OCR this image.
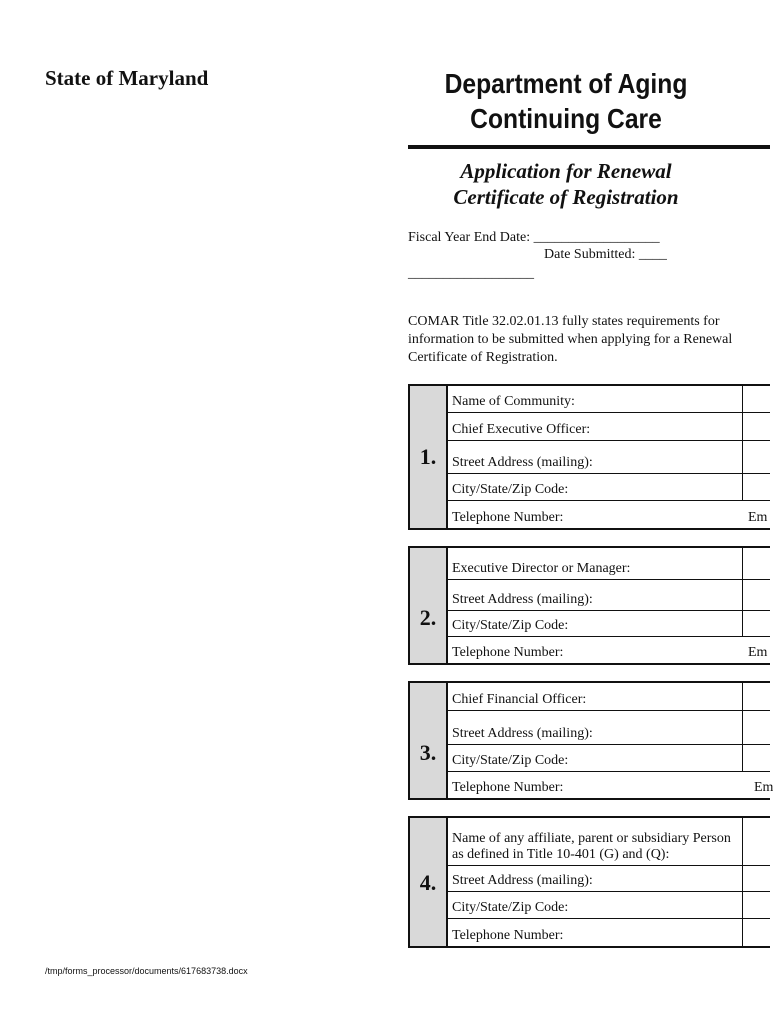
State of Maryland	Department of Aging
Continuing Care
Application for Renewal
Certificate of Registration
Fiscal Year End Date: __________________
Date Submitted: ____
__________________
COMAR Title 32.02.01.13 fully states requirements for information to be submitted when applying for a Renewal Certificate of Registration.
1.
Name of Community:
Chief Executive Officer:
Street Address (mailing):
City/State/Zip Code:
Telephone Number:	Em
2.
Executive Director or Manager:
Street Address (mailing):
City/State/Zip Code:
Telephone Number:	Em
3.
Chief Financial Officer:
Street Address (mailing):
City/State/Zip Code:
Telephone Number:	Em
4.
Name of any affiliate, parent or subsidiary Person as defined in Title 10-401 (G) and (Q):
Street Address (mailing):
City/State/Zip Code:
Telephone Number:
/tmp/forms_processor/documents/617683738.docx
